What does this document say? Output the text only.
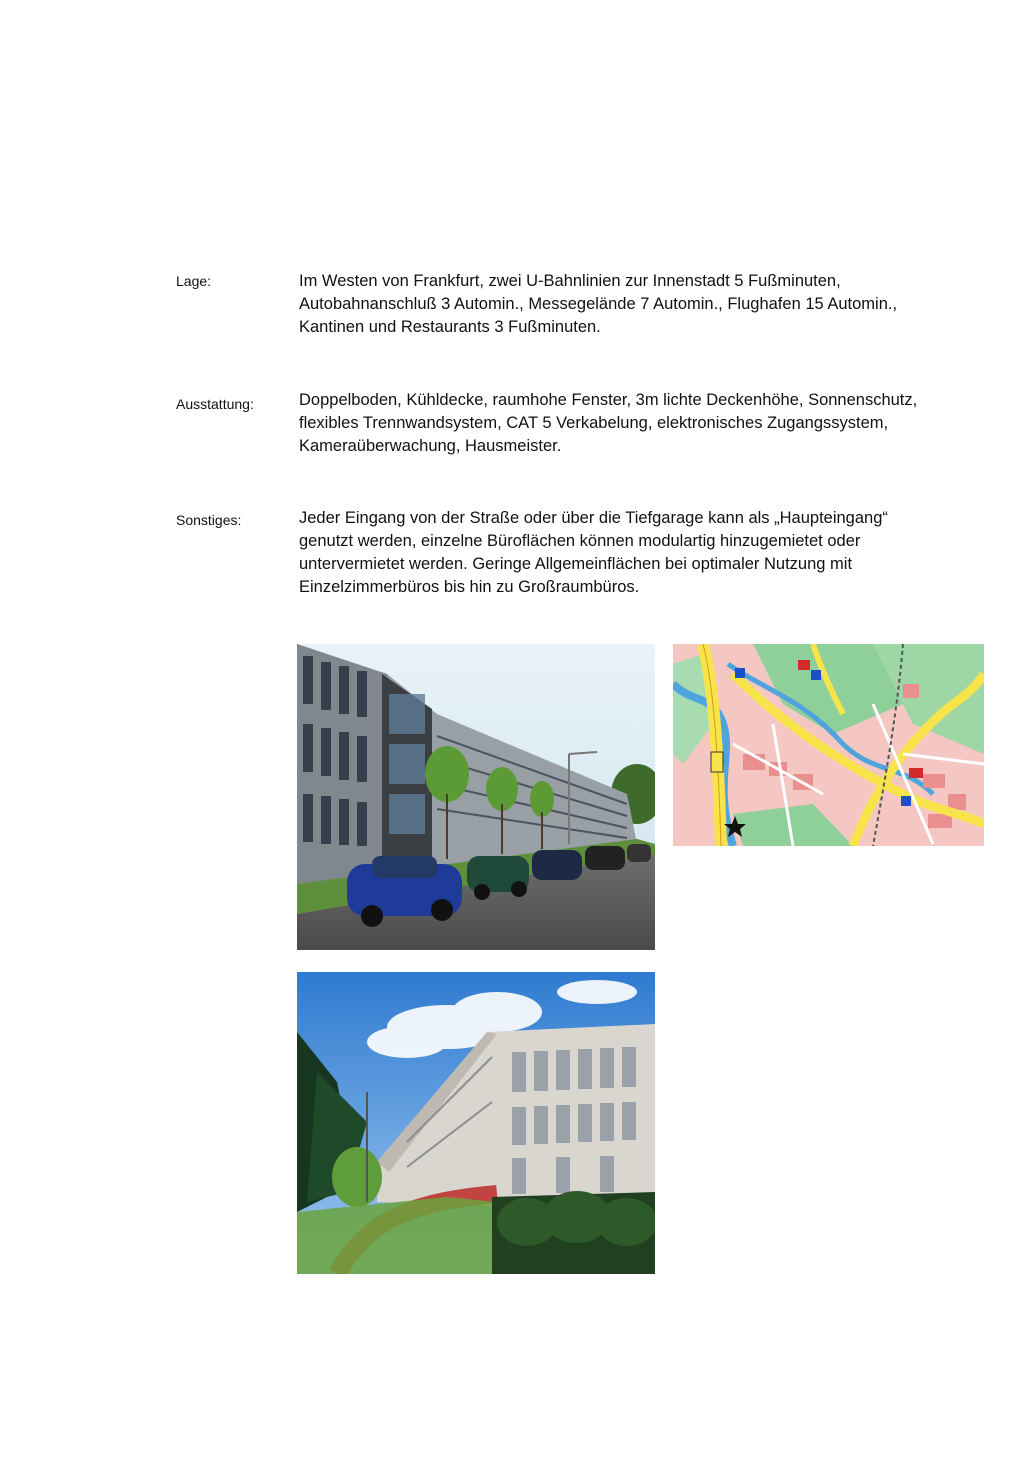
Lage:	Im Westen von Frankfurt, zwei U-Bahnlinien zur Innenstadt 5 Fußminuten, Autobahnanschluß 3 Automin., Messegelände 7 Automin., Flughafen 15 Automin., Kantinen und Restaurants 3 Fußminuten.
Ausstattung:	Doppelboden, Kühldecke, raumhohe Fenster, 3m lichte Deckenhöhe, Sonnenschutz, flexibles Trennwandsystem, CAT 5 Verkabelung, elektronisches Zugangssystem, Kameraüberwachung, Hausmeister.
Sonstiges:	Jeder Eingang von der Straße oder über die Tiefgarage kann als „Haupteingang“ genutzt werden, einzelne Büroflächen können modulartig hinzugemietet oder untervermietet werden. Geringe Allgemeinflächen bei optimaler Nutzung mit Einzelzimmerbüros bis hin zu Großraumbüros.
